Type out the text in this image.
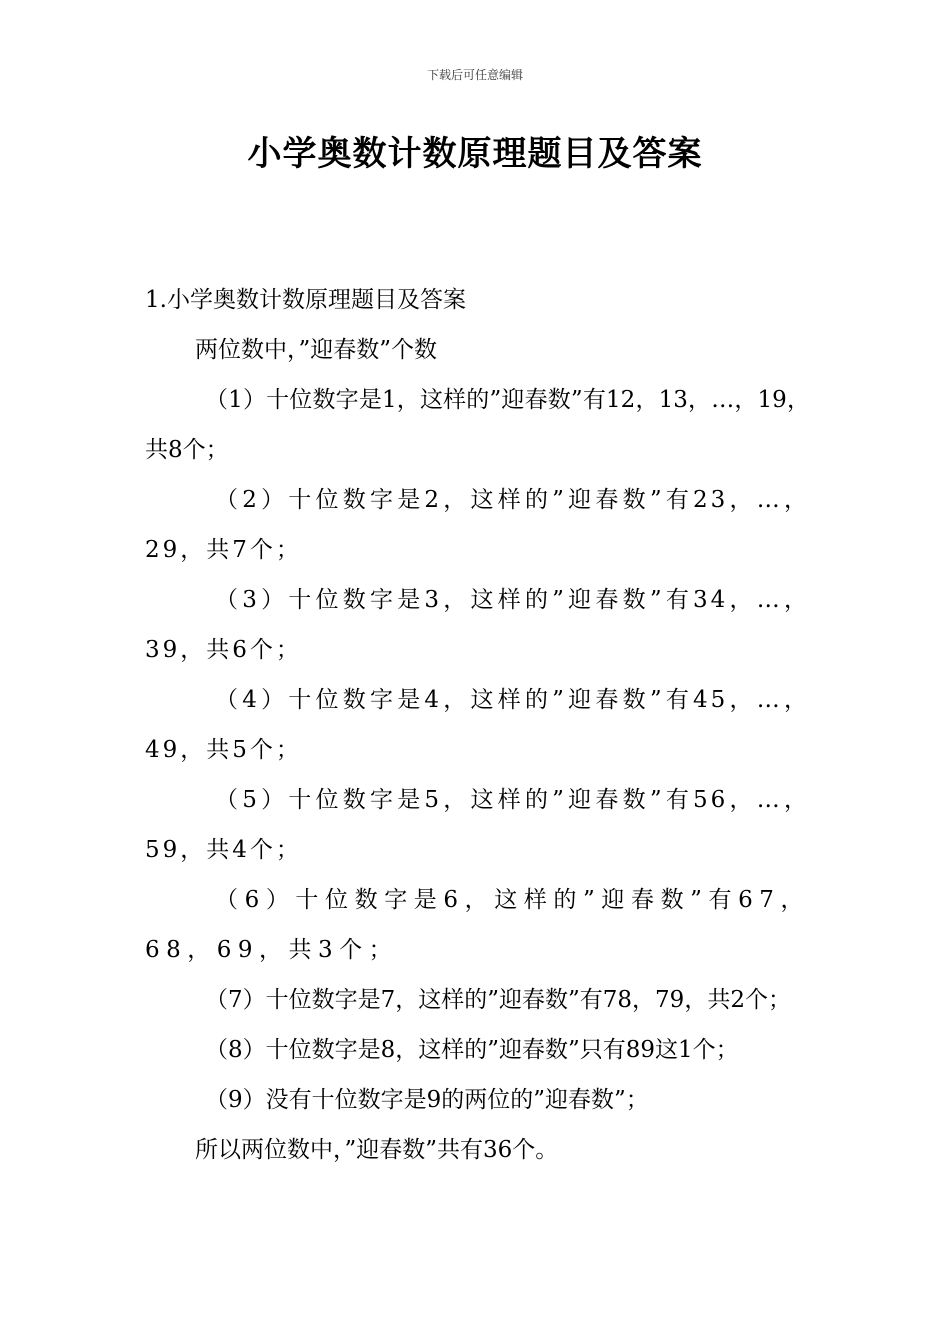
下载后可任意编辑
小学奥数计数原理题目及答案

1.小学奥数计数原理题目及答案

两位数中，”迎春数”个数

（1）十位数字是1，这样的”迎春数”有12，13，…，19，共8个；

（2）十位数字是2，这样的”迎春数”有23，…，29，共7个；

（3）十位数字是3，这样的”迎春数”有34，…，39，共6个；

（4）十位数字是4，这样的”迎春数”有45，…，49，共5个；

（5）十位数字是5，这样的”迎春数”有56，…，59，共4个；

（6）十位数字是6，这样的”迎春数”有67，68，69，共3个；

（7）十位数字是7，这样的”迎春数”有78，79，共2个；

（8）十位数字是8，这样的”迎春数”只有89这1个；

（9）没有十位数字是9的两位的”迎春数”；

所以两位数中，”迎春数”共有36个。
